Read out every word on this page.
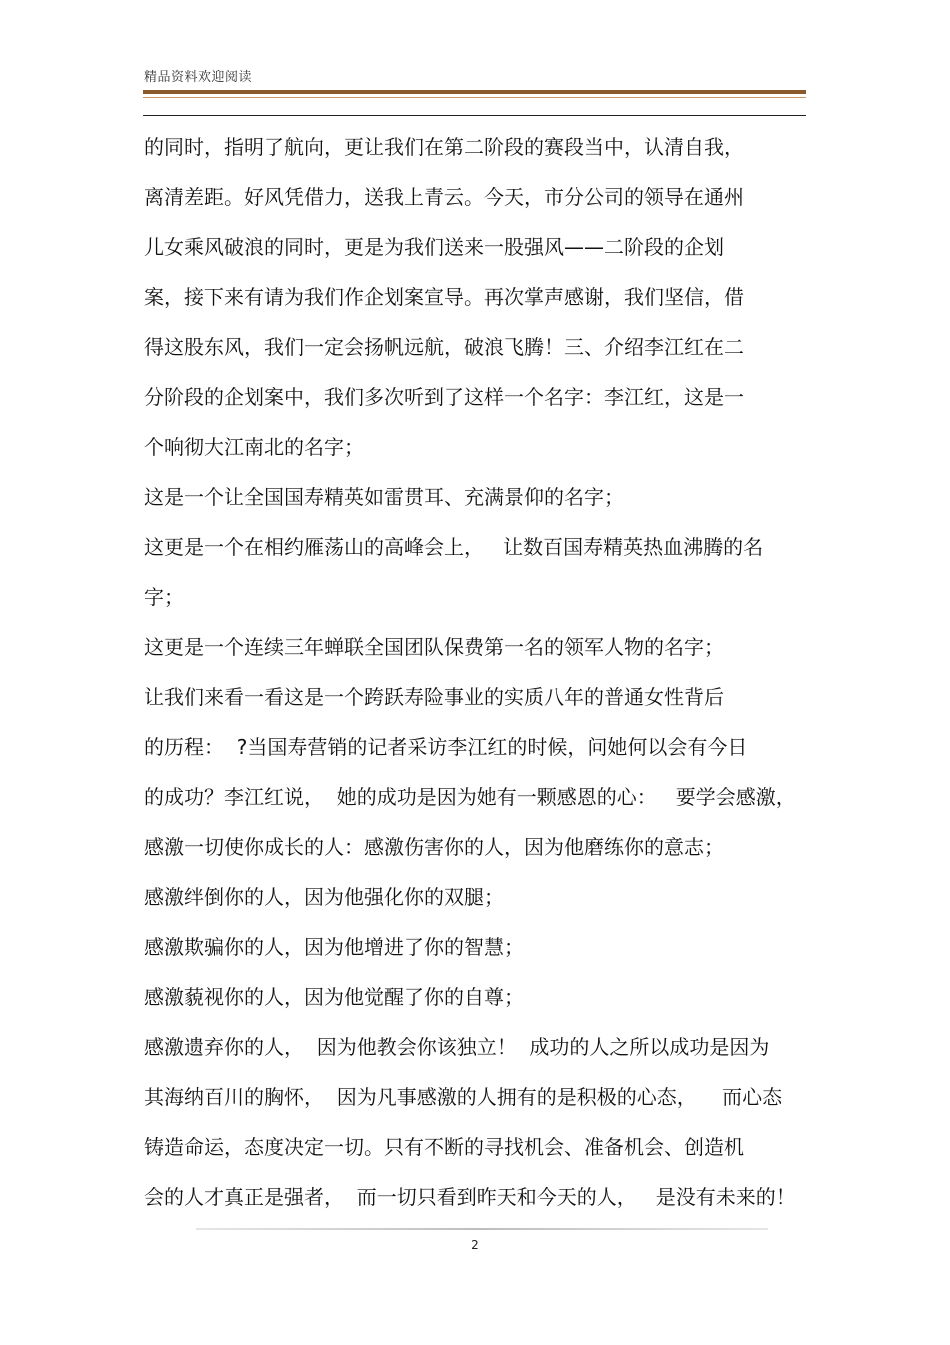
精品资料欢迎阅读
的同时，指明了航向，更让我们在第二阶段的赛段当中，认清自我，
离清差距。好风凭借力，送我上青云。今天，市分公司的领导在通州
儿女乘风破浪的同时，更是为我们送来一股强风——二阶段的企划
案，接下来有请为我们作企划案宣导。再次掌声感谢，我们坚信，借
得这股东风，我们一定会扬帆远航，破浪飞腾！三、介绍李江红在二
分阶段的企划案中，我们多次听到了这样一个名字：李江红，这是一
个响彻大江南北的名字；
这是一个让全国国寿精英如雷贯耳、充满景仰的名字；
这更是一个在相约雁荡山的高峰会上，   让数百国寿精英热血沸腾的名
字；
这更是一个连续三年蝉联全国团队保费第一名的领军人物的名字；
让我们来看一看这是一个跨跃寿险事业的实质八年的普通女性背后
的历程：  ?当国寿营销的记者采访李江红的时候，问她何以会有今日
的成功？李江红说，  她的成功是因为她有一颗感恩的心：   要学会感激，
感激一切使你成长的人：感激伤害你的人，因为他磨练你的意志；
感激绊倒你的人，因为他强化你的双腿；
感激欺骗你的人，因为他增进了你的智慧；
感激藐视你的人，因为他觉醒了你的自尊；
感激遗弃你的人，  因为他教会你该独立！  成功的人之所以成功是因为
其海纳百川的胸怀，  因为凡事感激的人拥有的是积极的心态，    而心态
铸造命运，态度决定一切。只有不断的寻找机会、准备机会、创造机
会的人才真正是强者，  而一切只看到昨天和今天的人，   是没有未来的！
2
